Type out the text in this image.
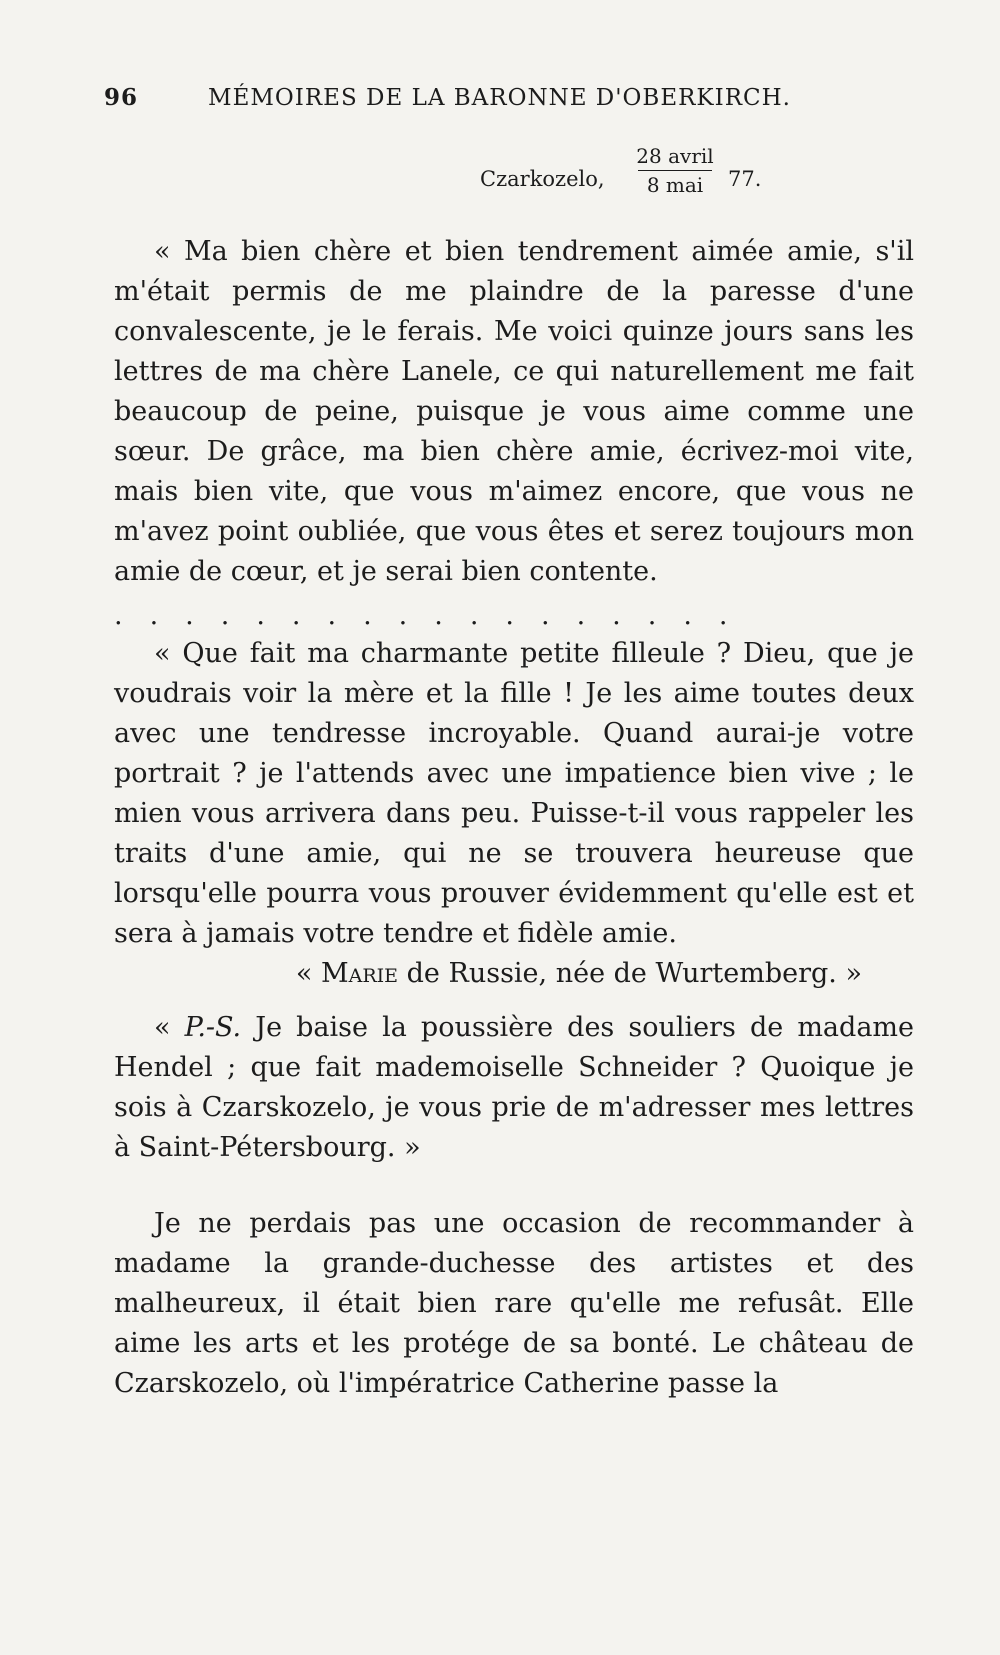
96	MÉMOIRES DE LA BARONNE D'OBERKIRCH.
Czarkozelo,
28 avril
8 mai	77.

« Ma bien chère et bien tendrement aimée amie, s'il m'était permis de me plaindre de la paresse d'une convalescente, je le ferais. Me voici quinze jours sans les lettres de ma chère Lanele, ce qui naturellement me fait beaucoup de peine, puisque je vous aime comme une sœur. De grâce, ma bien chère amie, écrivez-moi vite, mais bien vite, que vous m'aimez encore, que vous ne m'avez point oubliée, que vous êtes et serez toujours mon amie de cœur, et je serai bien contente.

..................

« Que fait ma charmante petite filleule ? Dieu, que je voudrais voir la mère et la fille ! Je les aime toutes deux avec une tendresse incroyable. Quand aurai-je votre portrait ? je l'attends avec une impatience bien vive ; le mien vous arrivera dans peu. Puisse-t-il vous rappeler les traits d'une amie, qui ne se trouvera heureuse que lorsqu'elle pourra vous prouver évidemment qu'elle est et sera à jamais votre tendre et fidèle amie.

« Marie de Russie, née de Wurtemberg. »

« P.-S. Je baise la poussière des souliers de madame Hendel ; que fait mademoiselle Schneider ? Quoique je sois à Czarskozelo, je vous prie de m'adresser mes lettres à Saint-Pétersbourg. »

Je ne perdais pas une occasion de recommander à madame la grande-duchesse des artistes et des malheureux, il était bien rare qu'elle me refusât. Elle aime les arts et les protége de sa bonté. Le château de Czarskozelo, où l'impératrice Catherine passe la
